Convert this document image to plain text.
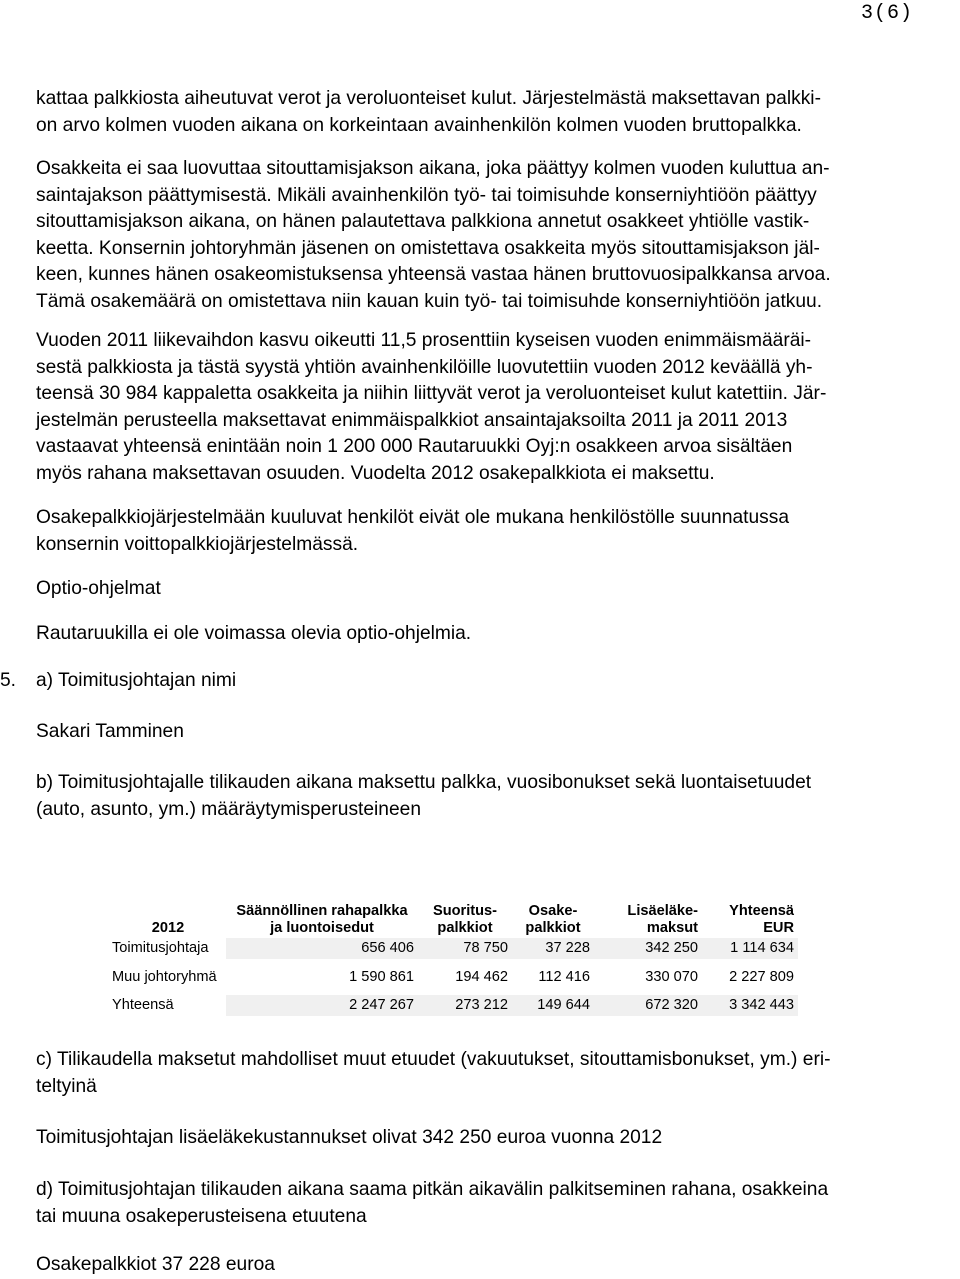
3(6)
kattaa palkkiosta aiheutuvat verot ja veroluonteiset kulut. Järjestelmästä maksettavan palkki-
on arvo kolmen vuoden aikana on korkeintaan avainhenkilön kolmen vuoden bruttopalkka.
Osakkeita ei saa luovuttaa sitouttamisjakson aikana, joka päättyy kolmen vuoden kuluttua an-
saintajakson päättymisestä. Mikäli avainhenkilön työ- tai toimisuhde konserniyhtiöön päättyy
sitouttamisjakson aikana, on hänen palautettava palkkiona annetut osakkeet yhtiölle vastik-
keetta. Konsernin johtoryhmän jäsenen on omistettava osakkeita myös sitouttamisjakson jäl-
keen, kunnes hänen osakeomistuksensa yhteensä vastaa hänen bruttovuosipalkkansa arvoa.
Tämä osakemäärä on omistettava niin kauan kuin työ- tai toimisuhde konserniyhtiöön jatkuu.
Vuoden 2011 liikevaihdon kasvu oikeutti 11,5 prosenttiin kyseisen vuoden enimmäismääräi-
sestä palkkiosta ja tästä syystä yhtiön avainhenkilöille luovutettiin vuoden 2012 keväällä yh-
teensä 30 984 kappaletta osakkeita ja niihin liittyvät verot ja veroluonteiset kulut katettiin. Jär-
jestelmän perusteella maksettavat enimmäispalkkiot ansaintajaksoilta 2011 ja 2011 2013
vastaavat yhteensä enintään noin 1 200 000 Rautaruukki Oyj:n osakkeen arvoa sisältäen
myös rahana maksettavan osuuden. Vuodelta 2012 osakepalkkiota ei maksettu.
Osakepalkkiojärjestelmään kuuluvat henkilöt eivät ole mukana henkilöstölle suunnatussa
konsernin voittopalkkiojärjestelmässä.
Optio-ohjelmat
Rautaruukilla ei ole voimassa olevia optio-ohjelmia.
5. a) Toimitusjohtajan nimi
Sakari Tamminen
b) Toimitusjohtajalle tilikauden aikana maksettu palkka, vuosibonukset sekä luontaisetuudet
(auto, asunto, ym.) määräytymisperusteineen
2012	Säännöllinen rahapalkka ja luontoisedut	Suoritus-palkkiot	Osake-palkkiot	Lisäeläke-maksut	Yhteensä EUR
Toimitusjohtaja	656 406	78 750	37 228	342 250	1 114 634
Muu johtoryhmä	1 590 861	194 462	112 416	330 070	2 227 809
Yhteensä	2 247 267	273 212	149 644	672 320	3 342 443
c) Tilikaudella maksetut mahdolliset muut etuudet (vakuutukset, sitouttamisbonukset, ym.) eri-
teltyinä
Toimitusjohtajan lisäeläkekustannukset olivat 342 250 euroa vuonna 2012
d) Toimitusjohtajan tilikauden aikana saama pitkän aikavälin palkitseminen rahana, osakkeina
tai muuna osakeperusteisena etuutena
Osakepalkkiot 37 228 euroa
